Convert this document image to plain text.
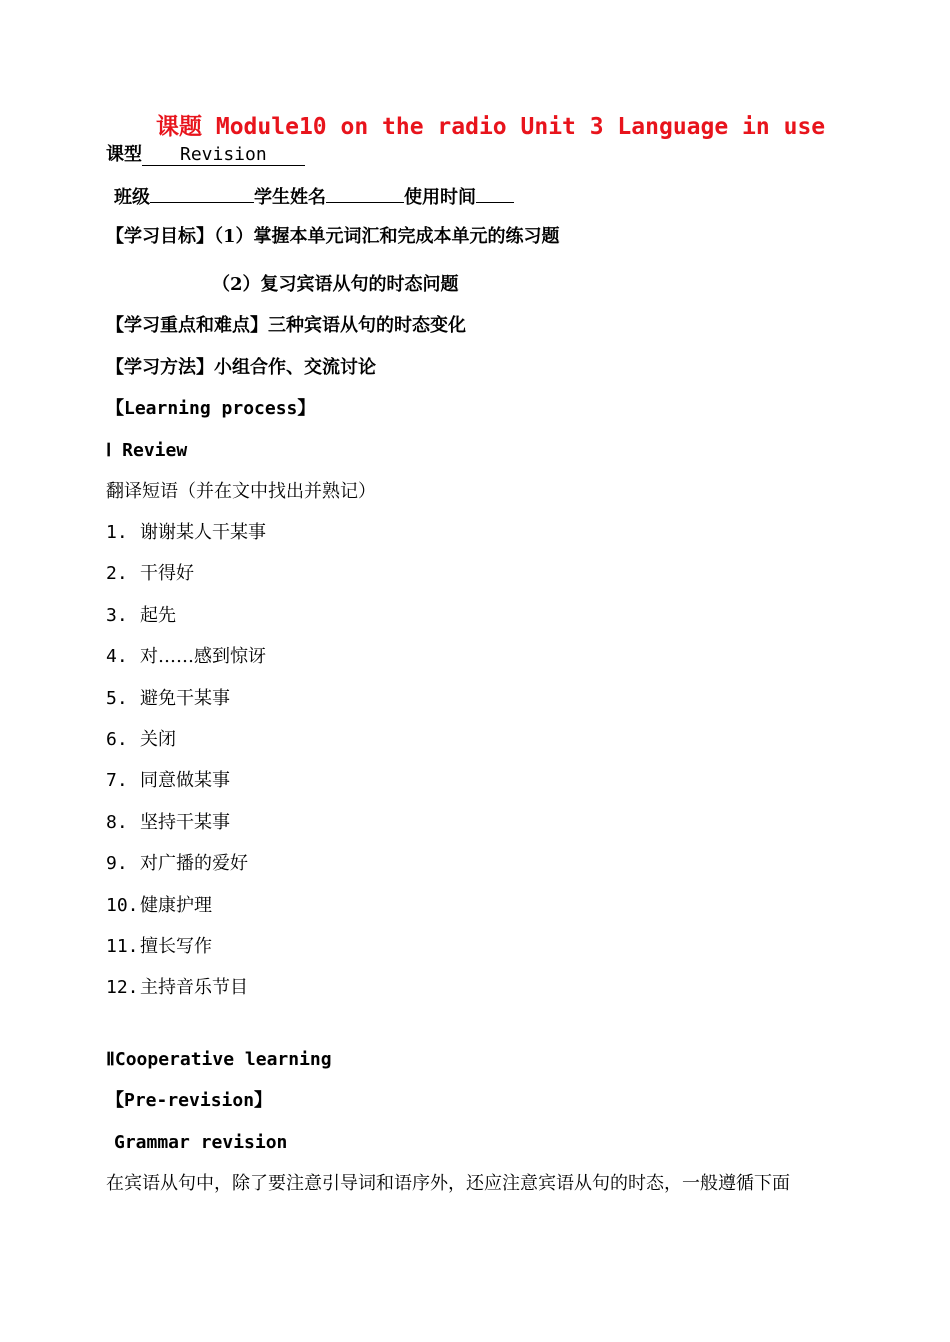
课题 Module10 on the radio Unit 3 Language in use
课型 Revision
班级	学生姓名	使用时间
【学习目标】（1）掌握本单元词汇和完成本单元的练习题
（2）复习宾语从句的时态问题
【学习重点和难点】三种宾语从句的时态变化
【学习方法】小组合作、交流讨论
【Learning process】
Ⅰ Review
翻译短语（并在文中找出并熟记）
1. 谢谢某人干某事
2. 干得好
3. 起先
4. 对……感到惊讶
5. 避免干某事
6. 关闭
7. 同意做某事
8. 坚持干某事
9. 对广播的爱好
10.健康护理
11.擅长写作
12.主持音乐节目
ⅡCooperative learning
【Pre-revision】
Grammar revision
在宾语从句中，除了要注意引导词和语序外，还应注意宾语从句的时态，一般遵循下面
